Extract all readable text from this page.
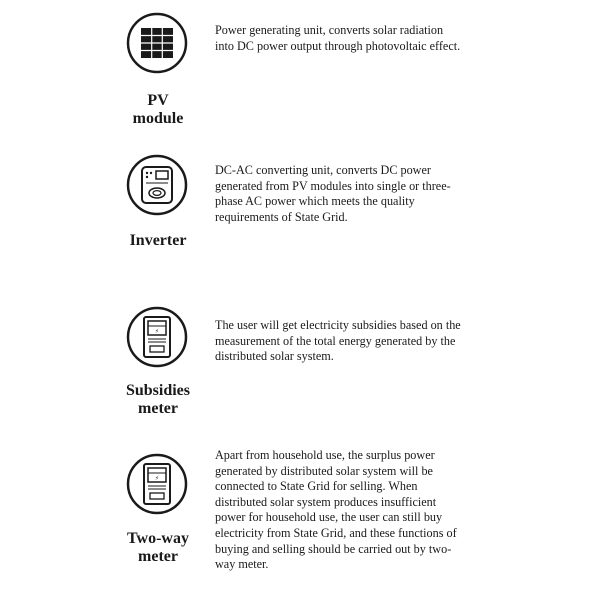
PV
module

Power generating unit, converts solar radiation into DC power output through photovoltaic effect.

Inverter

DC-AC converting unit, converts DC power generated from PV modules into single or three-phase AC power which meets the quality requirements of State Grid.

⚡
Subsidies
meter

The user will get electricity subsidies based on the measurement of the total energy generated by the distributed solar system.

⚡
Two-way
meter

Apart from household use, the surplus power generated by distributed solar system will be connected to State Grid for selling. When distributed solar system produces insufficient power for household use, the user can still buy electricity from State Grid, and these functions of buying and selling should be carried out by two-way meter.
